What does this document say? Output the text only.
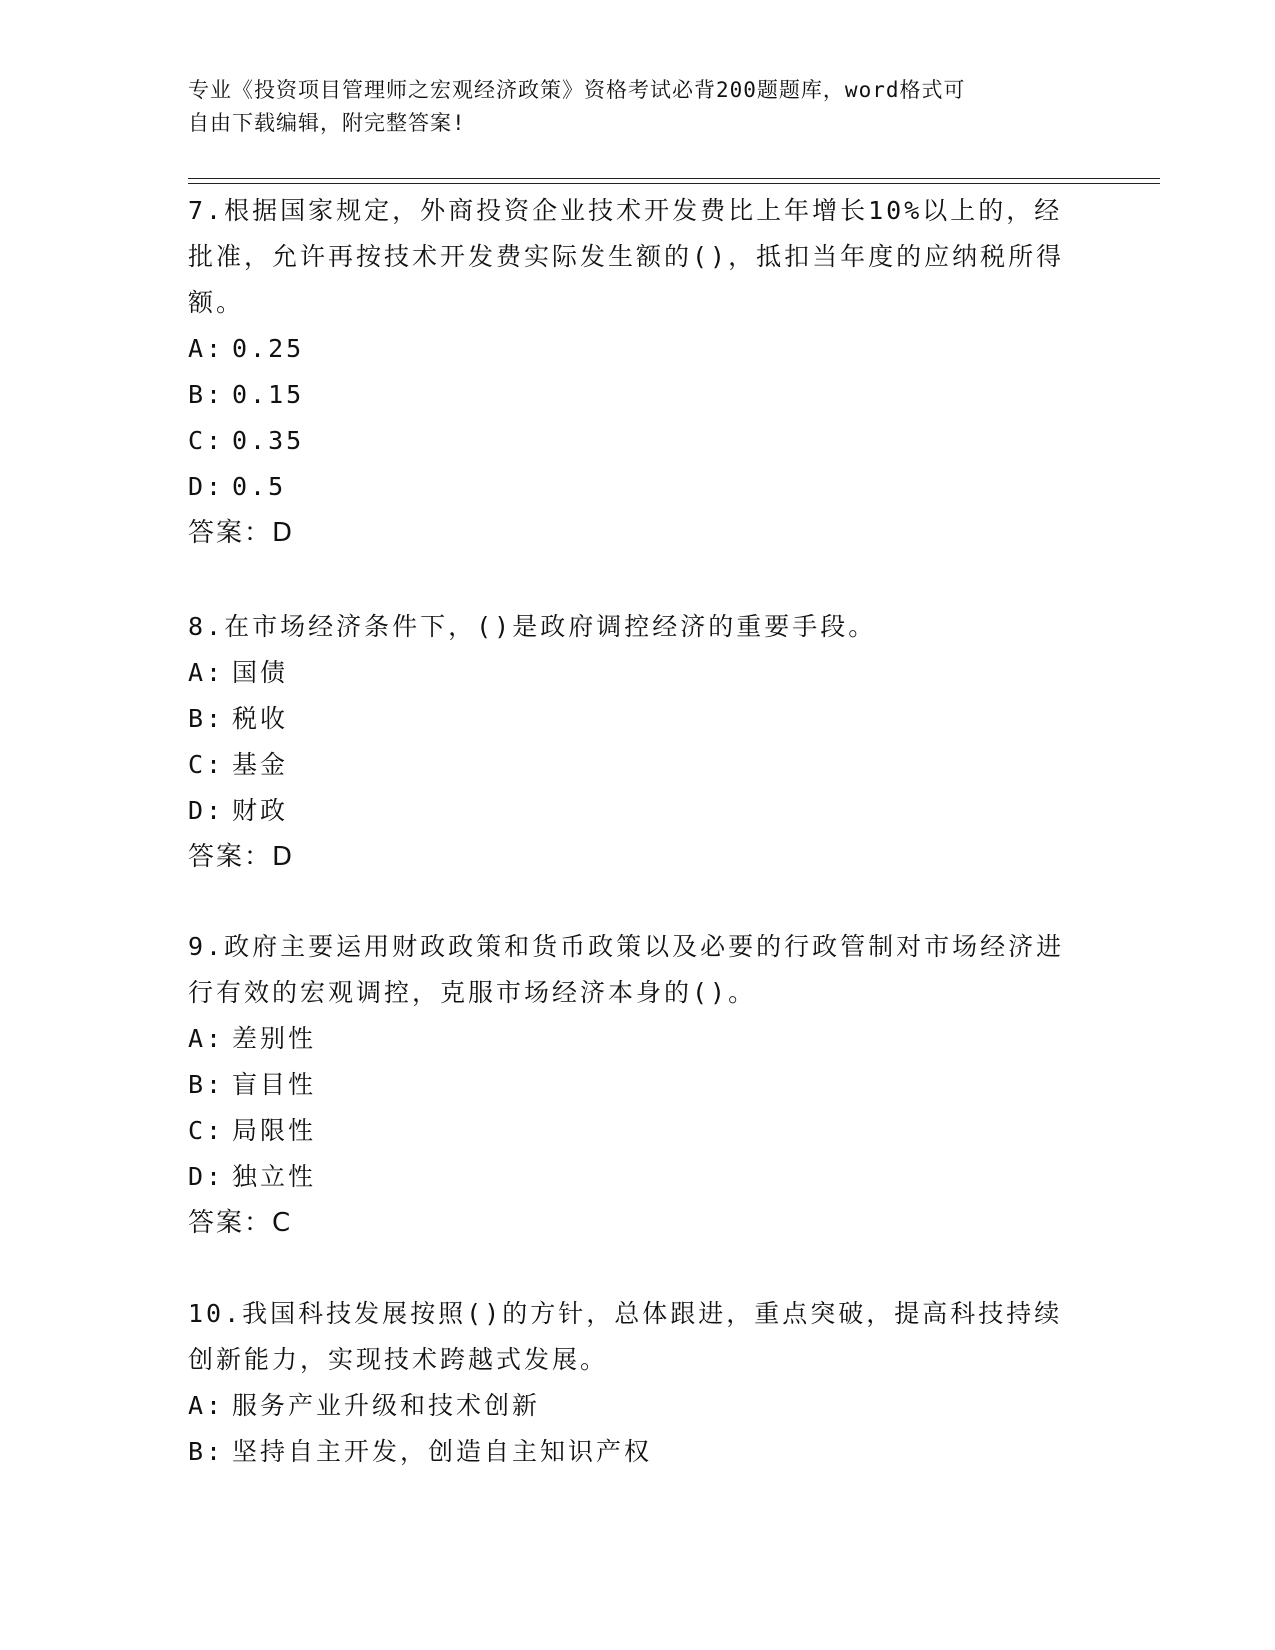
专业《投资项目管理师之宏观经济政策》资格考试必背200题题库，word格式可
自由下载编辑，附完整答案!

7.根据国家规定，外商投资企业技术开发费比上年增长10%以上的，经批准，允许再按技术开发费实际发生额的()，抵扣当年度的应纳税所得额。

A: 0.25

B: 0.15

C: 0.35

D: 0.5

答案：D

8.在市场经济条件下，()是政府调控经济的重要手段。

A: 国债

B: 税收

C: 基金

D: 财政

答案：D

9.政府主要运用财政政策和货币政策以及必要的行政管制对市场经济进行有效的宏观调控，克服市场经济本身的()。

A: 差别性

B: 盲目性

C: 局限性

D: 独立性

答案：C

10.我国科技发展按照()的方针，总体跟进，重点突破，提高科技持续创新能力，实现技术跨越式发展。

A: 服务产业升级和技术创新

B: 坚持自主开发，创造自主知识产权
